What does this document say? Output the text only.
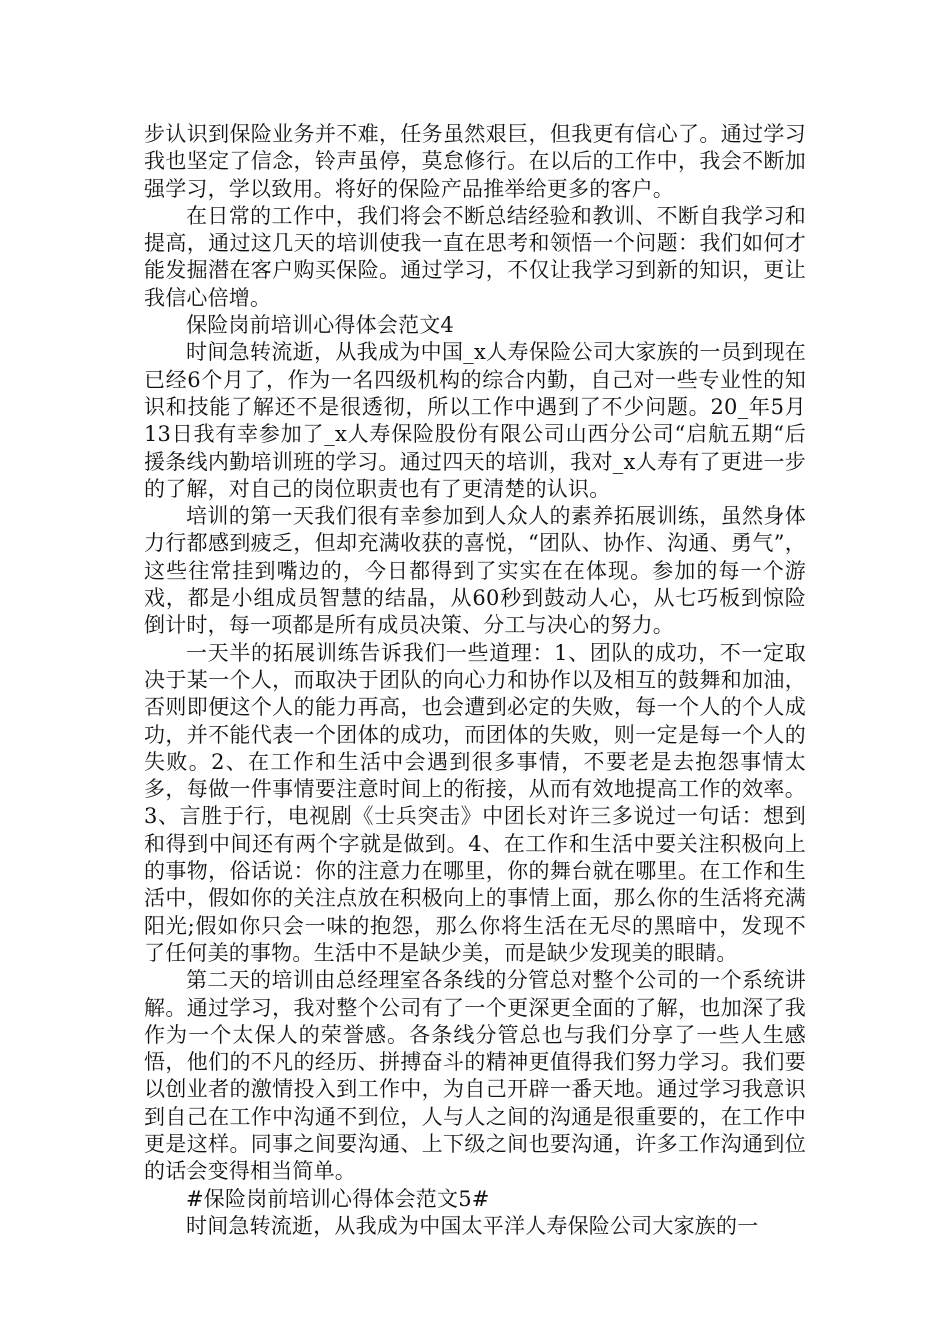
步认识到保险业务并不难，任务虽然艰巨，但我更有信心了。通过学习我也坚定了信念，铃声虽停，莫怠修行。在以后的工作中，我会不断加强学习，学以致用。将好的保险产品推举给更多的客户。

在日常的工作中，我们将会不断总结经验和教训、不断自我学习和提高，通过这几天的培训使我一直在思考和领悟一个问题：我们如何才能发掘潜在客户购买保险。通过学习，不仅让我学习到新的知识，更让我信心倍增。

保险岗前培训心得体会范文4

时间急转流逝，从我成为中国_x人寿保险公司大家族的一员到现在已经6个月了，作为一名四级机构的综合内勤，自己对一些专业性的知识和技能了解还不是很透彻，所以工作中遇到了不少问题。20_年5月13日我有幸参加了_x人寿保险股份有限公司山西分公司“启航五期“后援条线内勤培训班的学习。通过四天的培训，我对_x人寿有了更进一步的了解，对自己的岗位职责也有了更清楚的认识。

培训的第一天我们很有幸参加到人众人的素养拓展训练，虽然身体力行都感到疲乏，但却充满收获的喜悦，“团队、协作、沟通、勇气”，这些往常挂到嘴边的，今日都得到了实实在在体现。参加的每一个游戏，都是小组成员智慧的结晶，从60秒到鼓动人心，从七巧板到惊险倒计时，每一项都是所有成员决策、分工与决心的努力。

一天半的拓展训练告诉我们一些道理：1、团队的成功，不一定取决于某一个人，而取决于团队的向心力和协作以及相互的鼓舞和加油，否则即便这个人的能力再高，也会遭到必定的失败，每一个人的个人成功，并不能代表一个团体的成功，而团体的失败，则一定是每一个人的失败。2、在工作和生活中会遇到很多事情，不要老是去抱怨事情太多，每做一件事情要注意时间上的衔接，从而有效地提高工作的效率。3、言胜于行，电视剧《士兵突击》中团长对许三多说过一句话：想到和得到中间还有两个字就是做到。4、在工作和生活中要关注积极向上的事物，俗话说：你的注意力在哪里，你的舞台就在哪里。在工作和生活中，假如你的关注点放在积极向上的事情上面，那么你的生活将充满阳光;假如你只会一味的抱怨，那么你将生活在无尽的黑暗中，发现不了任何美的事物。生活中不是缺少美，而是缺少发现美的眼睛。

第二天的培训由总经理室各条线的分管总对整个公司的一个系统讲解。通过学习，我对整个公司有了一个更深更全面的了解，也加深了我作为一个太保人的荣誉感。各条线分管总也与我们分享了一些人生感悟，他们的不凡的经历、拼搏奋斗的精神更值得我们努力学习。我们要以创业者的激情投入到工作中，为自己开辟一番天地。通过学习我意识到自己在工作中沟通不到位，人与人之间的沟通是很重要的，在工作中更是这样。同事之间要沟通、上下级之间也要沟通，许多工作沟通到位的话会变得相当简单。

#保险岗前培训心得体会范文5#

时间急转流逝，从我成为中国太平洋人寿保险公司大家族的一
